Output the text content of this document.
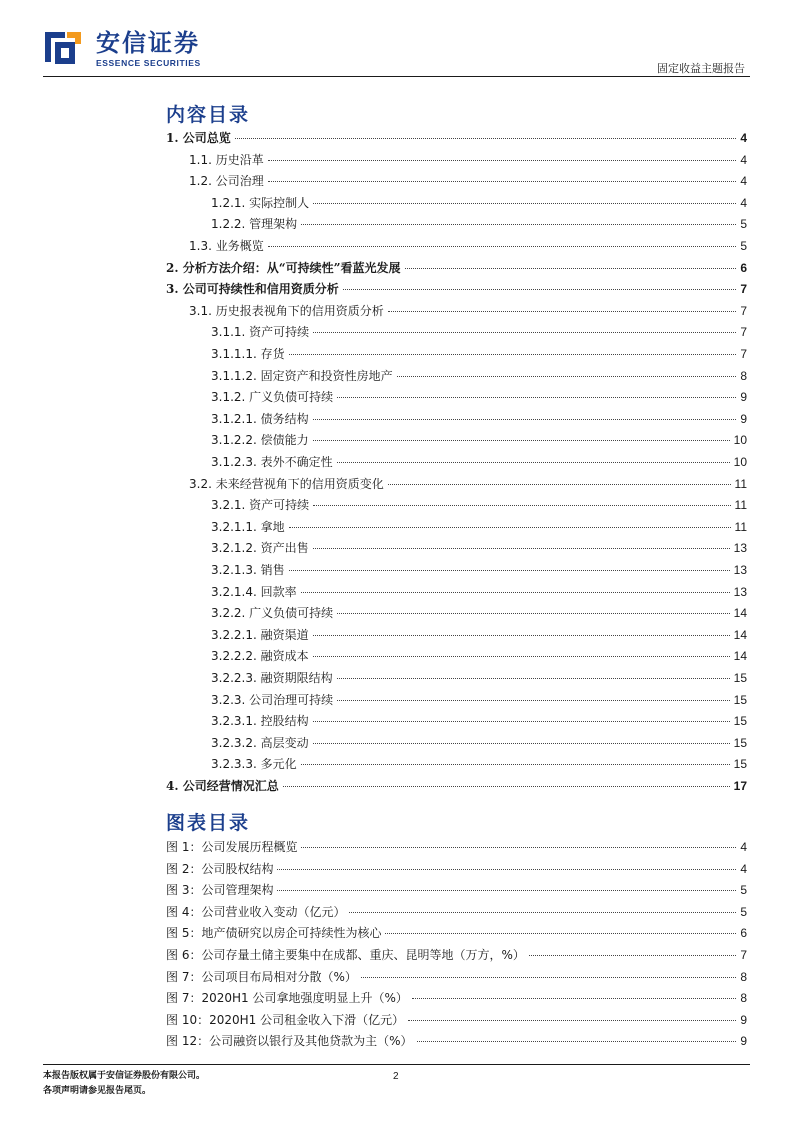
安信证券
ESSENCE SECURITIES	固定收益主题报告
内容目录
1. 公司总览	4
1.1. 历史沿革	4
1.2. 公司治理	4
1.2.1. 实际控制人	4
1.2.2. 管理架构	5
1.3. 业务概览	5
2. 分析方法介绍：从“可持续性”看蓝光发展	6
3. 公司可持续性和信用资质分析	7
3.1. 历史报表视角下的信用资质分析	7
3.1.1. 资产可持续	7
3.1.1.1. 存货	7
3.1.1.2. 固定资产和投资性房地产	8
3.1.2. 广义负债可持续	9
3.1.2.1. 债务结构	9
3.1.2.2. 偿债能力	10
3.1.2.3. 表外不确定性	10
3.2. 未来经营视角下的信用资质变化	11
3.2.1. 资产可持续	11
3.2.1.1. 拿地	11
3.2.1.2. 资产出售	13
3.2.1.3. 销售	13
3.2.1.4. 回款率	13
3.2.2. 广义负债可持续	14
3.2.2.1. 融资渠道	14
3.2.2.2. 融资成本	14
3.2.2.3. 融资期限结构	15
3.2.3. 公司治理可持续	15
3.2.3.1. 控股结构	15
3.2.3.2. 高层变动	15
3.2.3.3. 多元化	15
4. 公司经营情况汇总	17
图表目录
图 1：公司发展历程概览	4
图 2：公司股权结构	4
图 3：公司管理架构	5
图 4：公司营业收入变动（亿元）	5
图 5：地产债研究以房企可持续性为核心	6
图 6：公司存量土储主要集中在成都、重庆、昆明等地（万方，%）	7
图 7：公司项目布局相对分散（%）	8
图 7：2020H1 公司拿地强度明显上升（%）	8
图 10：2020H1 公司租金收入下滑（亿元）	9
图 12：公司融资以银行及其他贷款为主（%）	9
本报告版权属于安信证券股份有限公司。
各项声明请参见报告尾页。
2
